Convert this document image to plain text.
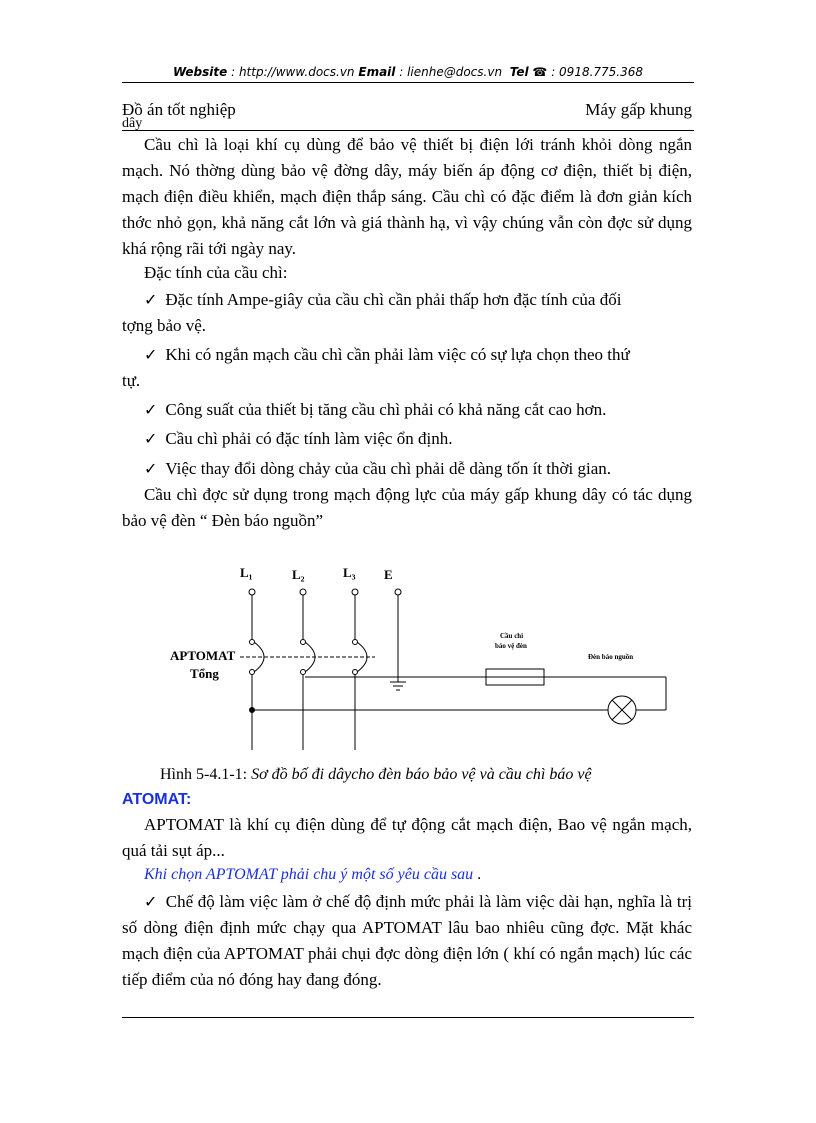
Website : http://www.docs.vn Email : lienhe@docs.vn Tel ☎ : 0918.775.368
Đồ án tốt nghiệp
dây
Máy gấp khung

Cầu chì là loại khí cụ dùng để bảo vệ thiết bị điện lới tránh khỏi dòng ngắn mạch. Nó thờng dùng bảo vệ đờng dây, máy biến áp động cơ điện, thiết bị điện, mạch điện điều khiển, mạch điện thắp sáng. Cầu chì có đặc điểm là đơn giản kích thớc nhỏ gọn, khả năng cắt lớn và giá thành hạ, vì vậy chúng vẫn còn đợc sử dụng khá rộng rãi tới ngày nay.

Đặc tính của cầu chì:
✓ Đặc tính Ampe-giây của cầu chì cần phải thấp hơn đặc tính của đối
tợng bảo vệ.
✓ Khi có ngắn mạch cầu chì cần phải làm việc có sự lựa chọn theo thứ
tự.
✓ Công suất của thiết bị tăng cầu chì phải có khả năng cắt cao hơn.
✓ Cầu chì phải có đặc tính làm việc ổn định.
✓ Việc thay đổi dòng chảy của cầu chì phải dễ dàng tốn ít thời gian.

Cầu chì đợc sử dụng trong mạch động lực của máy gấp khung dây có tác dụng bảo vệ đèn “ Đèn báo nguồn”

L₁	L₂	L₃ E
APTOMAT
Tổng
Cầu chì
bảo vệ đèn
Đèn báo nguồn
Hình 5-4.1-1: Sơ đồ bố đi dâycho đèn báo bảo vệ và cầu chì báo vệ
ATOMAT:

APTOMAT là khí cụ điện dùng để tự động cắt mạch điện, Bao vệ ngắn mạch, quá tải sụt áp...

Khi chọn APTOMAT phải chu ý một số yêu cầu sau .

✓ Chế độ làm việc làm ở chế độ định mức phải là làm việc dài hạn, nghĩa là trị số dòng điện định mức chạy qua APTOMAT lâu bao nhiêu cũng đợc. Mặt khác mạch điện của APTOMAT phải chụi đợc dòng điện lớn ( khí có ngắn mạch) lúc các tiếp điểm của nó đóng hay đang đóng.
